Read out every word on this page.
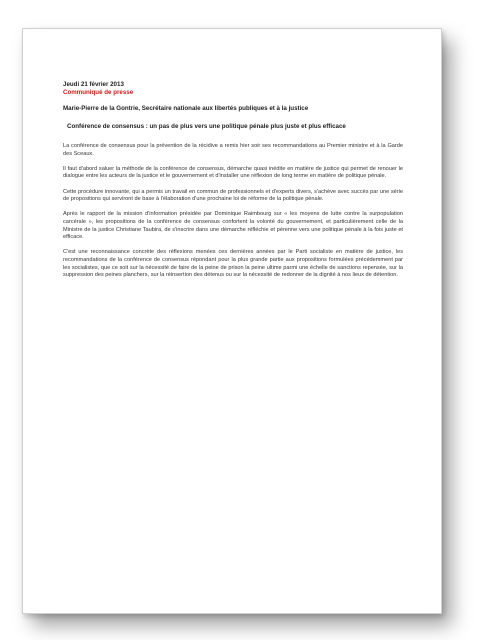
Jeudi 21 février 2013

Communiqué de presse

Marie-Pierre de la Gontrie, Secrétaire nationale aux libertés publiques et à la justice

Conférence de consensus : un pas de plus vers une politique pénale plus juste et plus efficace

La conférence de consensus pour la prévention de la récidive a remis hier soir ses recommandations au Premier ministre et à la Garde des Sceaux.

Il faut d'abord saluer la méthode de la conférence de consensus, démarche quasi inédite en matière de justice qui permet de renouer le dialogue entre les acteurs de la justice et le gouvernement et d'installer une réflexion de long terme en matière de politique pénale.

Cette procédure innovante, qui a permis un travail en commun de professionnels et d'experts divers, s'achève avec succès par une série de propositions qui serviront de base à l'élaboration d'une prochaine loi de réforme de la politique pénale.

Après le rapport de la mission d'information présidée par Dominique Raimbourg sur « les moyens de lutte contre la surpopulation carcérale », les propositions de la conférence de consensus confortent la volonté du gouvernement, et particulièrement celle de la Ministre de la justice Christiane Taubira, de s'inscrire dans une démarche réfléchie et pérenne vers une politique pénale à la fois juste et efficace.

C'est une reconnaissance concrète des réflexions menées ces dernières années par le Parti socialiste en matière de justice, les recommandations de la conférence de consensus répondant pour la plus grande partie aux propositions formulées précédemment par les socialistes, que ce soit sur la nécessité de faire de la peine de prison la peine ultime parmi une échelle de sanctions repensée, sur la suppression des peines planchers, sur la réinsertion des détenus ou sur la nécessité de redonner de la dignité à nos lieux de détention.
